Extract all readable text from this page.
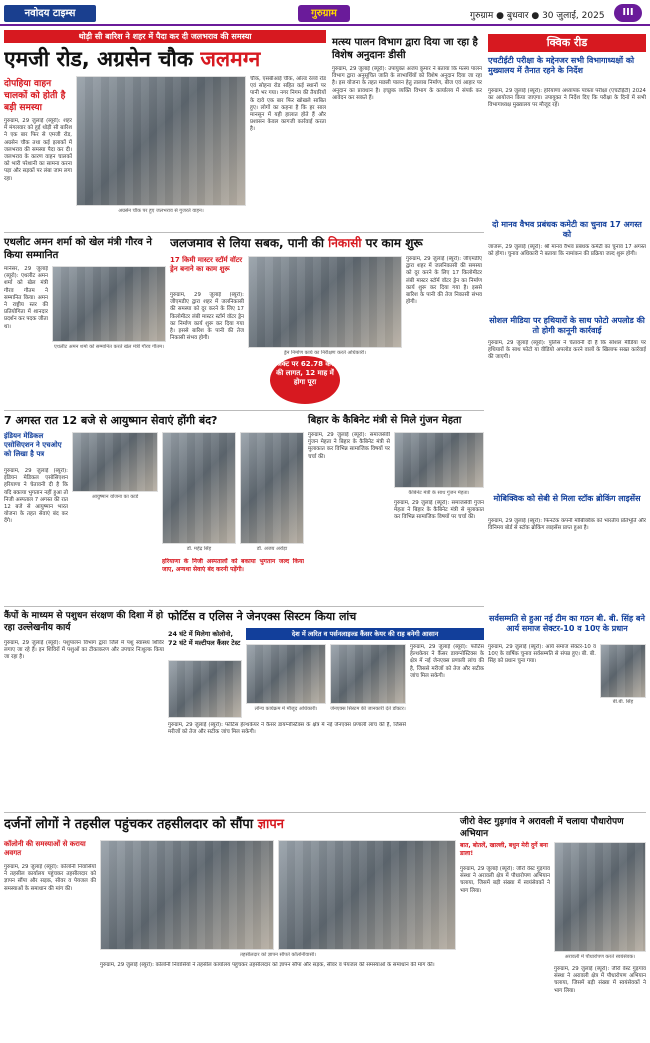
नवोदय टाइम्स	गुरुग्राम	गुरुग्राम ● बुधवार ● 30 जुलाई, 2025	III
थोड़ी सी बारिश ने शहर में पैदा कर दी जलभराव की समस्या
एमजी रोड, अग्रसेन चौक जलमग्न
दोपहिया वाहन चालकों को होती है बड़ी समस्या
गुरुग्राम, 29 जुलाई (ब्यूरो): शहर में मंगलवार को हुई थोड़ी सी बारिश ने एक बार फिर से एमजी रोड, अग्रसेन चौक तथा कई इलाकों में जलभराव की समस्या पैदा कर दी। जलभराव के कारण वाहन चालकों को भारी परेशानी का सामना करना पड़ा और सड़कों पर लंबा जाम लगा रहा।
अग्रसेन चौक पर हुए जलभराव से गुजरते वाहन।
चौक, एसबीआई चौक, ओल्ड रेलवे रोड एवं सोहना रोड सहित कई स्थानों पर पानी भर गया। नगर निगम की तैयारियों के दावे एक बार फिर खोखले साबित हुए। लोगों का कहना है कि हर साल मानसून में यही हालात होते हैं और प्रशासन केवल कागजी कार्रवाई करता है।
मत्स्य पालन विभाग द्वारा दिया जा रहा है विशेष अनुदानः डीसी
गुरुग्राम, 29 जुलाई (ब्यूरो): उपायुक्त अजय कुमार ने बताया कि मत्स्य पालन विभाग द्वारा अनुसूचित जाति के लाभार्थियों को विशेष अनुदान दिया जा रहा है। इस योजना के तहत मछली पालन हेतु तालाब निर्माण, बीज एवं आहार पर अनुदान का प्रावधान है। इच्छुक व्यक्ति विभाग के कार्यालय में संपर्क कर आवेदन कर सकते हैं।
क्विक रीड
एचटीईटी परीक्षा के मद्देनजर सभी विभागाध्यक्षों को मुख्यालय में तैनात रहने के निर्देश
गुरुग्राम, 29 जुलाई (ब्यूरो): हरियाणा अध्यापक पात्रता परीक्षा (एचटीईटी) 2024 का आयोजन किया जाएगा। उपायुक्त ने निर्देश दिए कि परीक्षा के दिनों में सभी विभागाध्यक्ष मुख्यालय पर मौजूद रहें।
दो मानव वैभव प्रबंधक कमेटी का चुनाव 17 अगस्त को
जाजरू, 29 जुलाई (ब्यूरो): श्री मानव वैभव प्रबंधक कमेटी का चुनाव 17 अगस्त को होगा। चुनाव अधिकारी ने बताया कि नामांकन की प्रक्रिया जल्द शुरू होगी।
सोशल मीडिया पर हथियारों के साथ फोटो अपलोड की तो होगी कानूनी कार्रवाई
गुरुग्राम, 29 जुलाई (ब्यूरो): पुलिस ने चेतावनी दी है कि सोशल मीडिया पर हथियारों के साथ फोटो या वीडियो अपलोड करने वालों के खिलाफ सख्त कार्रवाई की जाएगी।
मोबिक्विक को सेबी से मिला स्टॉक ब्रोकिंग लाइसेंस
गुरुग्राम, 29 जुलाई (ब्यूरो): फिनटेक कंपनी मोबिक्विक को भारतीय प्रतिभूति और विनिमय बोर्ड से स्टॉक ब्रोकिंग लाइसेंस प्राप्त हुआ है।
सर्वसम्मति से हुआ नई टीम का गठन बी. बी. सिंह बने आर्य समाज सेक्टर-10 व 10ए के प्रधान
बी.बी. सिंह
गुरुग्राम, 29 जुलाई (ब्यूरो): आर्य समाज सेक्टर-10 व 10ए के वार्षिक चुनाव सर्वसम्मति से संपन्न हुए। बी. बी. सिंह को प्रधान चुना गया।
एथलीट अमन शर्मा को खेल मंत्री गौरव ने किया सम्मानित
मानेसर, 29 जुलाई (ब्यूरो): एथलीट अमन शर्मा को खेल मंत्री गौरव गौतम ने सम्मानित किया। अमन ने राष्ट्रीय स्तर की प्रतियोगिता में शानदार प्रदर्शन कर पदक जीता था।
एथलीट अमन शर्मा को सम्मानित करते खेल मंत्री गौरव गौतम।
जलजमाव से लिया सबक, पानी की निकासी पर काम शुरू
17 किमी मास्टर स्टॉर्म वॉटर ड्रेन बनाने का काम शुरू
गुरुग्राम, 29 जुलाई (ब्यूरो): जीएमडीए द्वारा शहर में जलनिकासी की समस्या को दूर करने के लिए 17 किलोमीटर लंबी मास्टर स्टॉर्म वॉटर ड्रेन का निर्माण कार्य शुरू कर दिया गया है। इससे बारिश के पानी की तेज निकासी संभव होगी।
ड्रेन निर्माण कार्य का निरीक्षण करते अधिकारी।
प्रोजेक्ट पर 62.78 करोड़ की लागत, 12 माह में होगा पूरा
गुरुग्राम, 29 जुलाई (ब्यूरो): जीएमडीए द्वारा शहर में जलनिकासी की समस्या को दूर करने के लिए 17 किलोमीटर लंबी मास्टर स्टॉर्म वॉटर ड्रेन का निर्माण कार्य शुरू कर दिया गया है। इससे बारिश के पानी की तेज निकासी संभव होगी।
7 अगस्त रात 12 बजे से आयुष्मान सेवाएं होंगी बंद?
इंडियन मेडिकल एसोसिएशन ने एचओए को लिखा है पत्र
गुरुग्राम, 29 जुलाई (ब्यूरो): इंडियन मेडिकल एसोसिएशन हरियाणा ने चेतावनी दी है कि यदि बकाया भुगतान नहीं हुआ तो निजी अस्पताल 7 अगस्त की रात 12 बजे से आयुष्मान भारत योजना के तहत सेवाएं बंद कर देंगे।
आयुष्मान योजना का कार्ड
डॉ. महेंद्र सिंह	डॉ. अजय अरोड़ा
हरियाणा के निजी अस्पतालों को बकाया भुगतान जल्द किया जाए, अन्यथा सेवाएं बंद करनी पड़ेंगी।
बिहार के कैबिनेट मंत्री से मिले गुंजन मेहता
गुरुग्राम, 29 जुलाई (ब्यूरो): समाजसेवी गुंजन मेहता ने बिहार के कैबिनेट मंत्री से मुलाकात कर विभिन्न सामाजिक विषयों पर चर्चा की।
कैबिनेट मंत्री के साथ गुंजन मेहता।
गुरुग्राम, 29 जुलाई (ब्यूरो): समाजसेवी गुंजन मेहता ने बिहार के कैबिनेट मंत्री से मुलाकात कर विभिन्न सामाजिक विषयों पर चर्चा की।
कैंपों के माध्यम से पशुधन संरक्षण की दिशा में हो रहा उल्लेखनीय कार्य
गुरुग्राम, 29 जुलाई (ब्यूरो): पशुपालन विभाग द्वारा जिले में पशु स्वास्थ्य शिविर लगाए जा रहे हैं। इन शिविरों में पशुओं का टीकाकरण और उपचार निःशुल्क किया जा रहा है।
फोर्टिस व एलिस ने जेनएक्स सिस्टम किया लांच
24 घंटे में मिलेगा कोलोनो, 72 घंटे में मल्टीपल कैंसर टेस्ट
देश में त्वरित व पर्सनलाइज्ड कैंसर केयर की राह बनेगी आसान
लॉन्च कार्यक्रम में मौजूद अधिकारी।	जेनएक्स सिस्टम की जानकारी देते डॉक्टर।
गुरुग्राम, 29 जुलाई (ब्यूरो): फोर्टिस हेल्थकेयर ने कैंसर डायग्नोस्टिक्स के क्षेत्र में नई जेनएक्स प्रणाली लांच की है, जिससे मरीजों को तेज और सटीक जांच मिल सकेगी।
गुरुग्राम, 29 जुलाई (ब्यूरो): फोर्टिस हेल्थकेयर ने कैंसर डायग्नोस्टिक्स के क्षेत्र में नई जेनएक्स प्रणाली लांच की है, जिससे मरीजों को तेज और सटीक जांच मिल सकेगी।
दर्जनों लोगों ने तहसील पहुंचकर तहसीलदार को सौंपा ज्ञापन
कॉलोनी की समस्याओं से कराया अवगत
गुरुग्राम, 29 जुलाई (ब्यूरो): कॉलोनी निवासियों ने तहसील कार्यालय पहुंचकर तहसीलदार को ज्ञापन सौंपा और सड़क, सीवर व पेयजल की समस्याओं के समाधान की मांग की।
तहसीलदार को ज्ञापन सौंपते कॉलोनीवासी।
गुरुग्राम, 29 जुलाई (ब्यूरो): कॉलोनी निवासियों ने तहसील कार्यालय पहुंचकर तहसीलदार को ज्ञापन सौंपा और सड़क, सीवर व पेयजल की समस्याओं के समाधान की मांग की।
जीरो वेस्ट गुड़गांव ने अरावली में चलाया पौधारोपण अभियान
बात, बोतलें, खाल्ली, बधुन मेरी दुर्गे बना डाला!
गुरुग्राम, 29 जुलाई (ब्यूरो): जीरो वेस्ट गुड़गांव संस्था ने अरावली क्षेत्र में पौधारोपण अभियान चलाया, जिसमें बड़ी संख्या में स्वयंसेवकों ने भाग लिया।
अरावली में पौधारोपण करते स्वयंसेवक।
गुरुग्राम, 29 जुलाई (ब्यूरो): जीरो वेस्ट गुड़गांव संस्था ने अरावली क्षेत्र में पौधारोपण अभियान चलाया, जिसमें बड़ी संख्या में स्वयंसेवकों ने भाग लिया।
